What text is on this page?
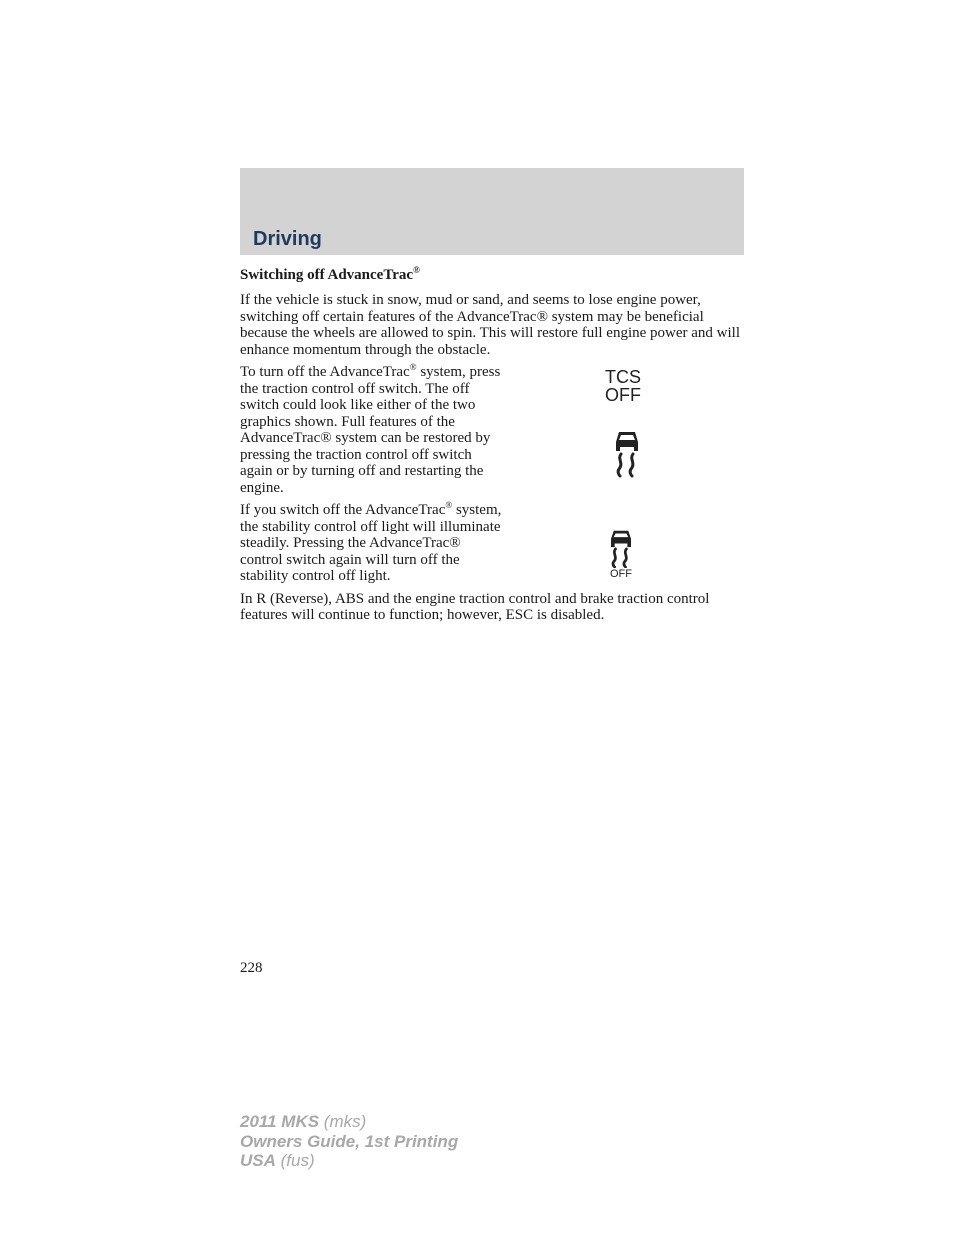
Driving
Switching off AdvanceTrac®

If the vehicle is stuck in snow, mud or sand, and seems to lose engine power, switching off certain features of the AdvanceTrac® system may be beneficial because the wheels are allowed to spin. This will restore full engine power and will enhance momentum through the obstacle.

To turn off the AdvanceTrac® system, press the traction control off switch. The off switch could look like either of the two graphics shown. Full features of the AdvanceTrac® system can be restored by pressing the traction control off switch again or by turning off and restarting the engine.

If you switch off the AdvanceTrac® system, the stability control off light will illuminate steadily. Pressing the AdvanceTrac® control switch again will turn off the stability control off light.

In R (Reverse), ABS and the engine traction control and brake traction control features will continue to function; however, ESC is disabled.

TCS
OFF
OFF
228
2011 MKS (mks)
Owners Guide, 1st Printing
USA (fus)
